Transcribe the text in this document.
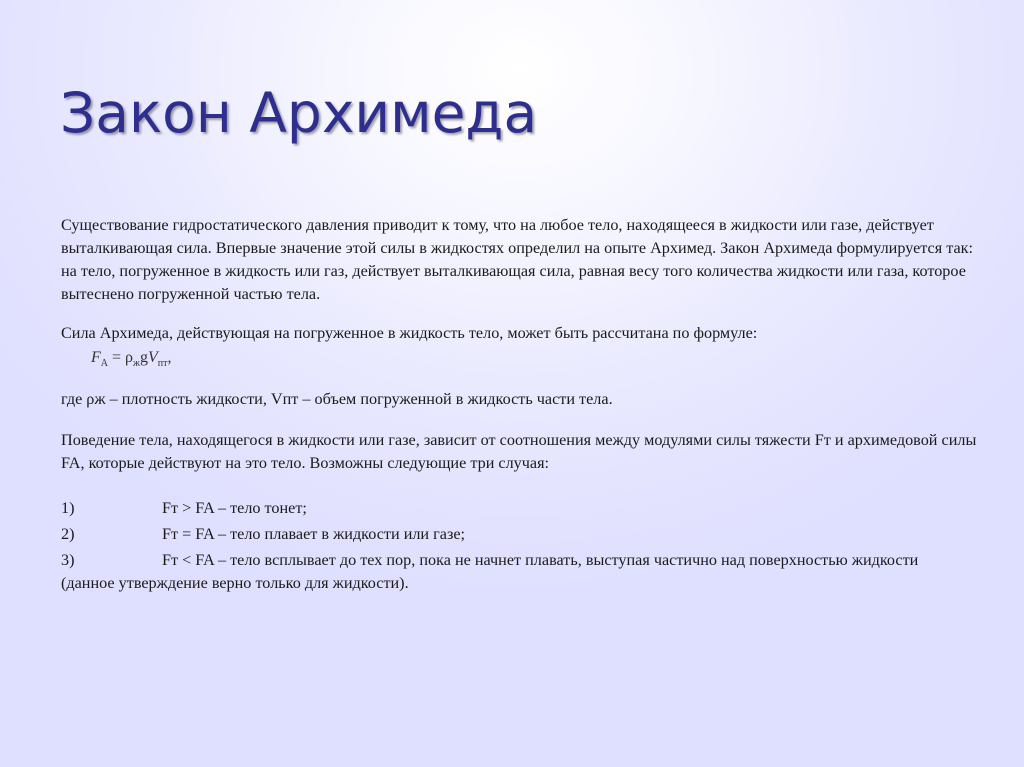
Закон Архимеда

Существование гидростатического давления приводит к тому, что на любое тело, находящееся в жидкости или газе, действует выталкивающая сила. Впервые значение этой силы в жидкостях определил на опыте Архимед. Закон Архимеда формулируется так: на тело, погруженное в жидкость или газ, действует выталкивающая сила, равная весу того количества жидкости или газа, которое вытеснено погруженной частью тела.

Сила Архимеда, действующая на погруженное в жидкость тело, может быть рассчитана по формуле:

$F_A = \rho_жgV_{пт}$,

где ρж – плотность жидкости, Vпт – объем погруженной в жидкость части тела.

Поведение тела, находящегося в жидкости или газе, зависит от соотношения между модулями силы тяжести Fт и архимедовой силы FA, которые действуют на это тело. Возможны следующие три случая:

1)	Fт > FA – тело тонет;
2)	Fт = FA – тело плавает в жидкости или газе;
3)	Fт < FA – тело всплывает до тех пор, пока не начнет плавать, выступая частично над поверхностью жидкости
(данное утверждение верно только для жидкости).
